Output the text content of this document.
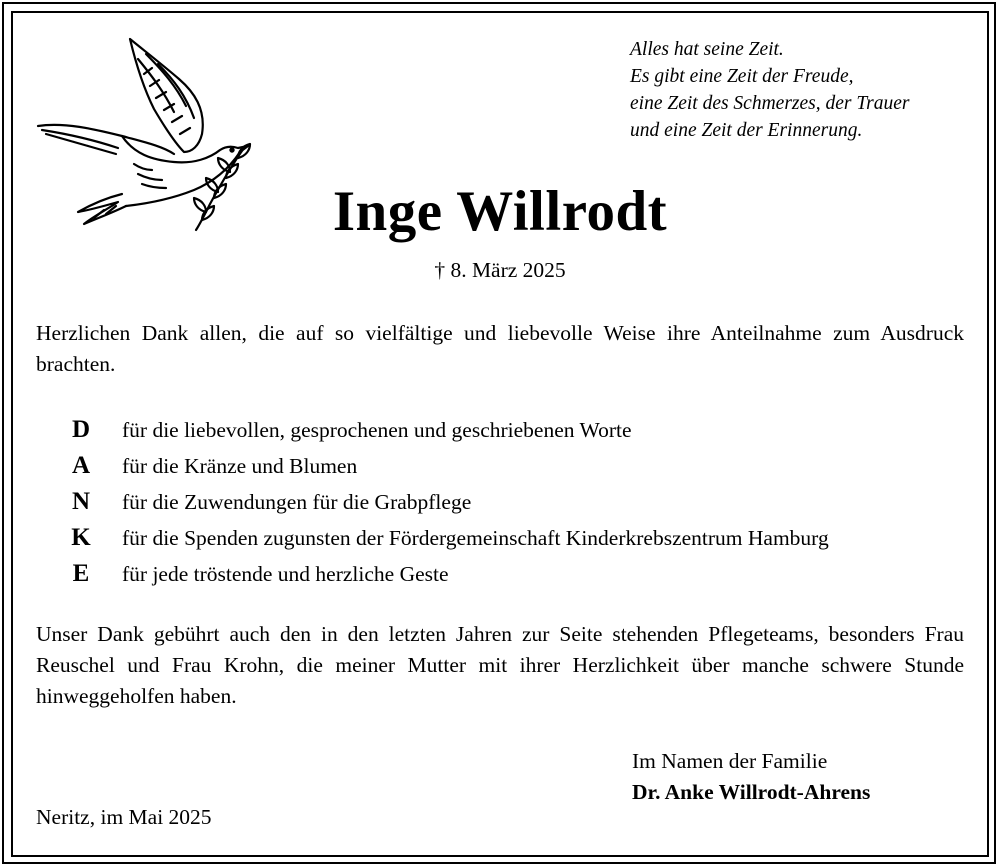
Alles hat seine Zeit.
Es gibt eine Zeit der Freude,
eine Zeit des Schmerzes, der Trauer
und eine Zeit der Erinnerung.
Inge Willrodt
† 8. März 2025
Herzlichen Dank allen, die auf so vielfältige und liebevolle Weise ihre Anteilnahme zum Ausdruck brachten.
D	für die liebevollen, gesprochenen und geschriebenen Worte
A	für die Kränze und Blumen
N	für die Zuwendungen für die Grabpflege
K	für die Spenden zugunsten der Fördergemeinschaft Kinderkrebszentrum Hamburg
E	für jede tröstende und herzliche Geste
Unser Dank gebührt auch den in den letzten Jahren zur Seite stehenden Pflegeteams, besonders Frau Reuschel und Frau Krohn, die meiner Mutter mit ihrer Herzlichkeit über manche schwere Stunde hinweggeholfen haben.
Im Namen der Familie
Dr. Anke Willrodt-Ahrens
Neritz, im Mai 2025
